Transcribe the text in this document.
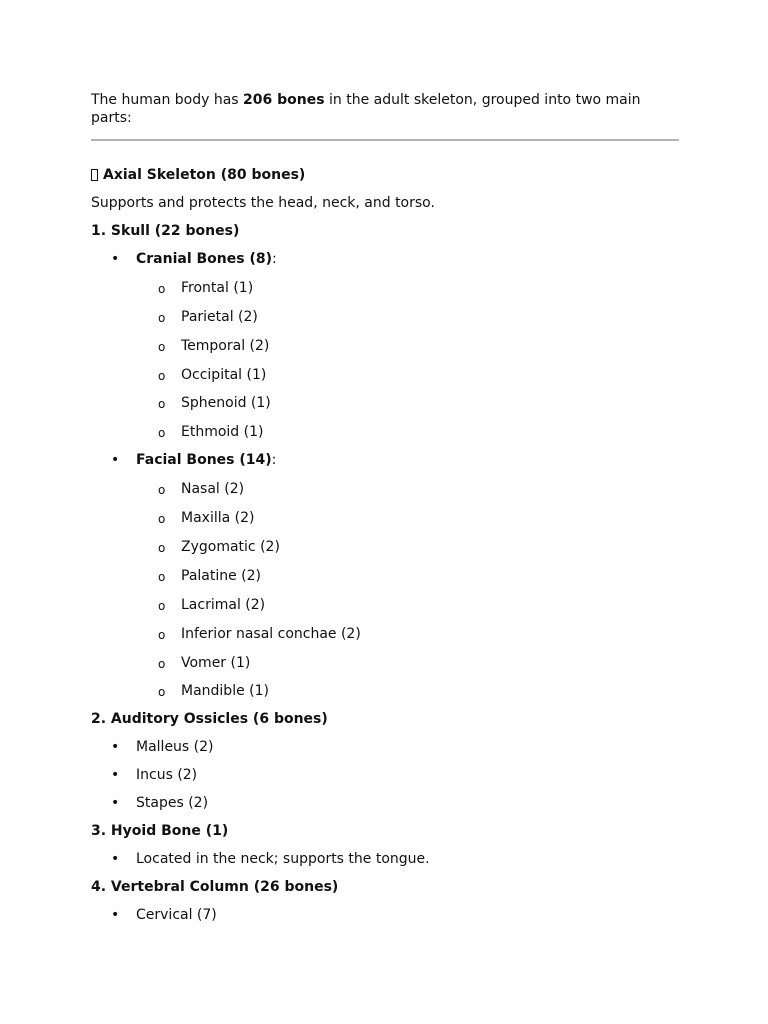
The human body has 206 bones in the adult skeleton, grouped into two main parts:

Axial Skeleton (80 bones)
Supports and protects the head, neck, and torso.
1. Skull (22 bones)
• Cranial Bones (8):
o Frontal (1)
o Parietal (2)
o Temporal (2)
o Occipital (1)
o Sphenoid (1)
o Ethmoid (1)
• Facial Bones (14):
o Nasal (2)
o Maxilla (2)
o Zygomatic (2)
o Palatine (2)
o Lacrimal (2)
o Inferior nasal conchae (2)
o Vomer (1)
o Mandible (1)
2. Auditory Ossicles (6 bones)
• Malleus (2)
• Incus (2)
• Stapes (2)
3. Hyoid Bone (1)
• Located in the neck; supports the tongue.
4. Vertebral Column (26 bones)
• Cervical (7)
